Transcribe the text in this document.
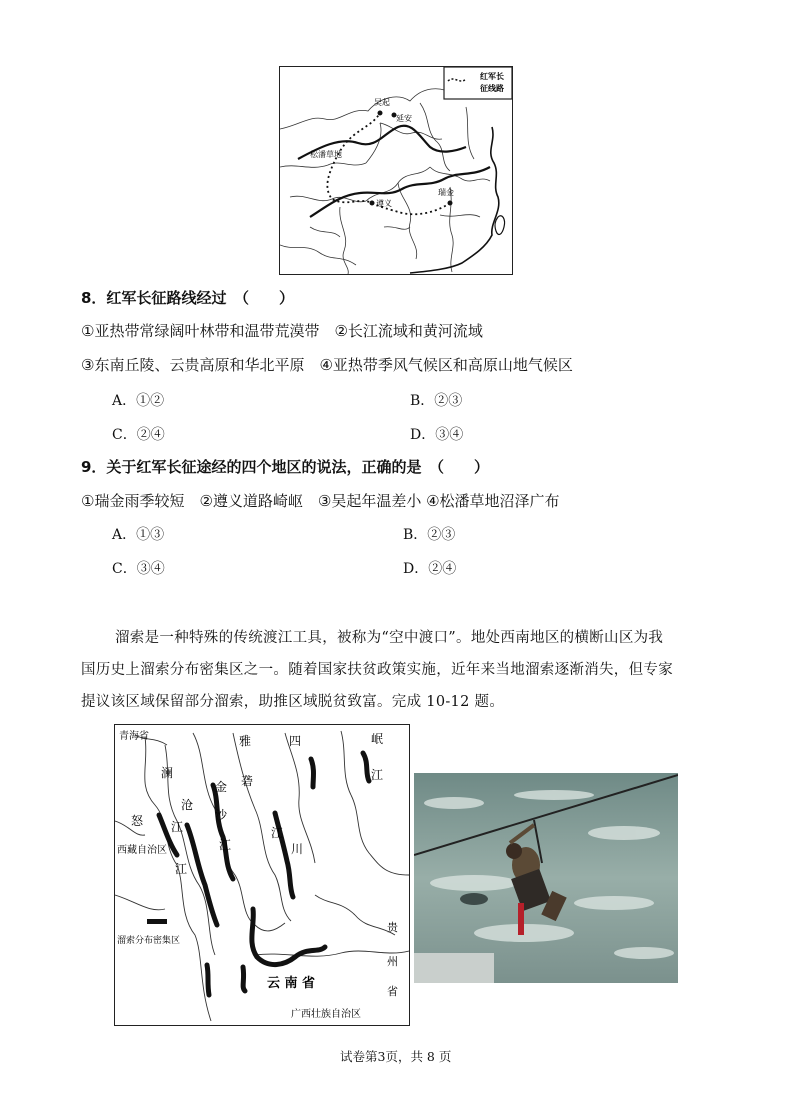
红军长
征线路
吴起
延安
松潘草地
遵义
瑞金
8．红军长征路线经过　（　　）
①亚热带常绿阔叶林带和温带荒漠带　②长江流域和黄河流域
③东南丘陵、云贵高原和华北平原　④亚热带季风气候区和高原山地气候区
A．①②	B．②③
C．②④	D．③④
9．关于红军长征途经的四个地区的说法，正确的是　（　　）
①瑞金雨季较短　②遵义道路崎岖　③吴起年温差小 ④松潘草地沼泽广布
A．①③	B．②③
C．③④	D．②④
溜索是一种特殊的传统渡江工具，被称为“空中渡口”。地处西南地区的横断山区为我
国历史上溜索分布密集区之一。随着国家扶贫政策实施，近年来当地溜索逐渐消失，但专家
提议该区域保留部分溜索，助推区域脱贫致富。完成 10-12 题。
青海省
西藏自治区
溜索分布密集区
云 南 省
广西壮族自治区
贵
州
省
澜
沧
江
怒
江
金
沙
江
雅
砻
江
四
川
岷
江
试卷第3页，共 8 页
